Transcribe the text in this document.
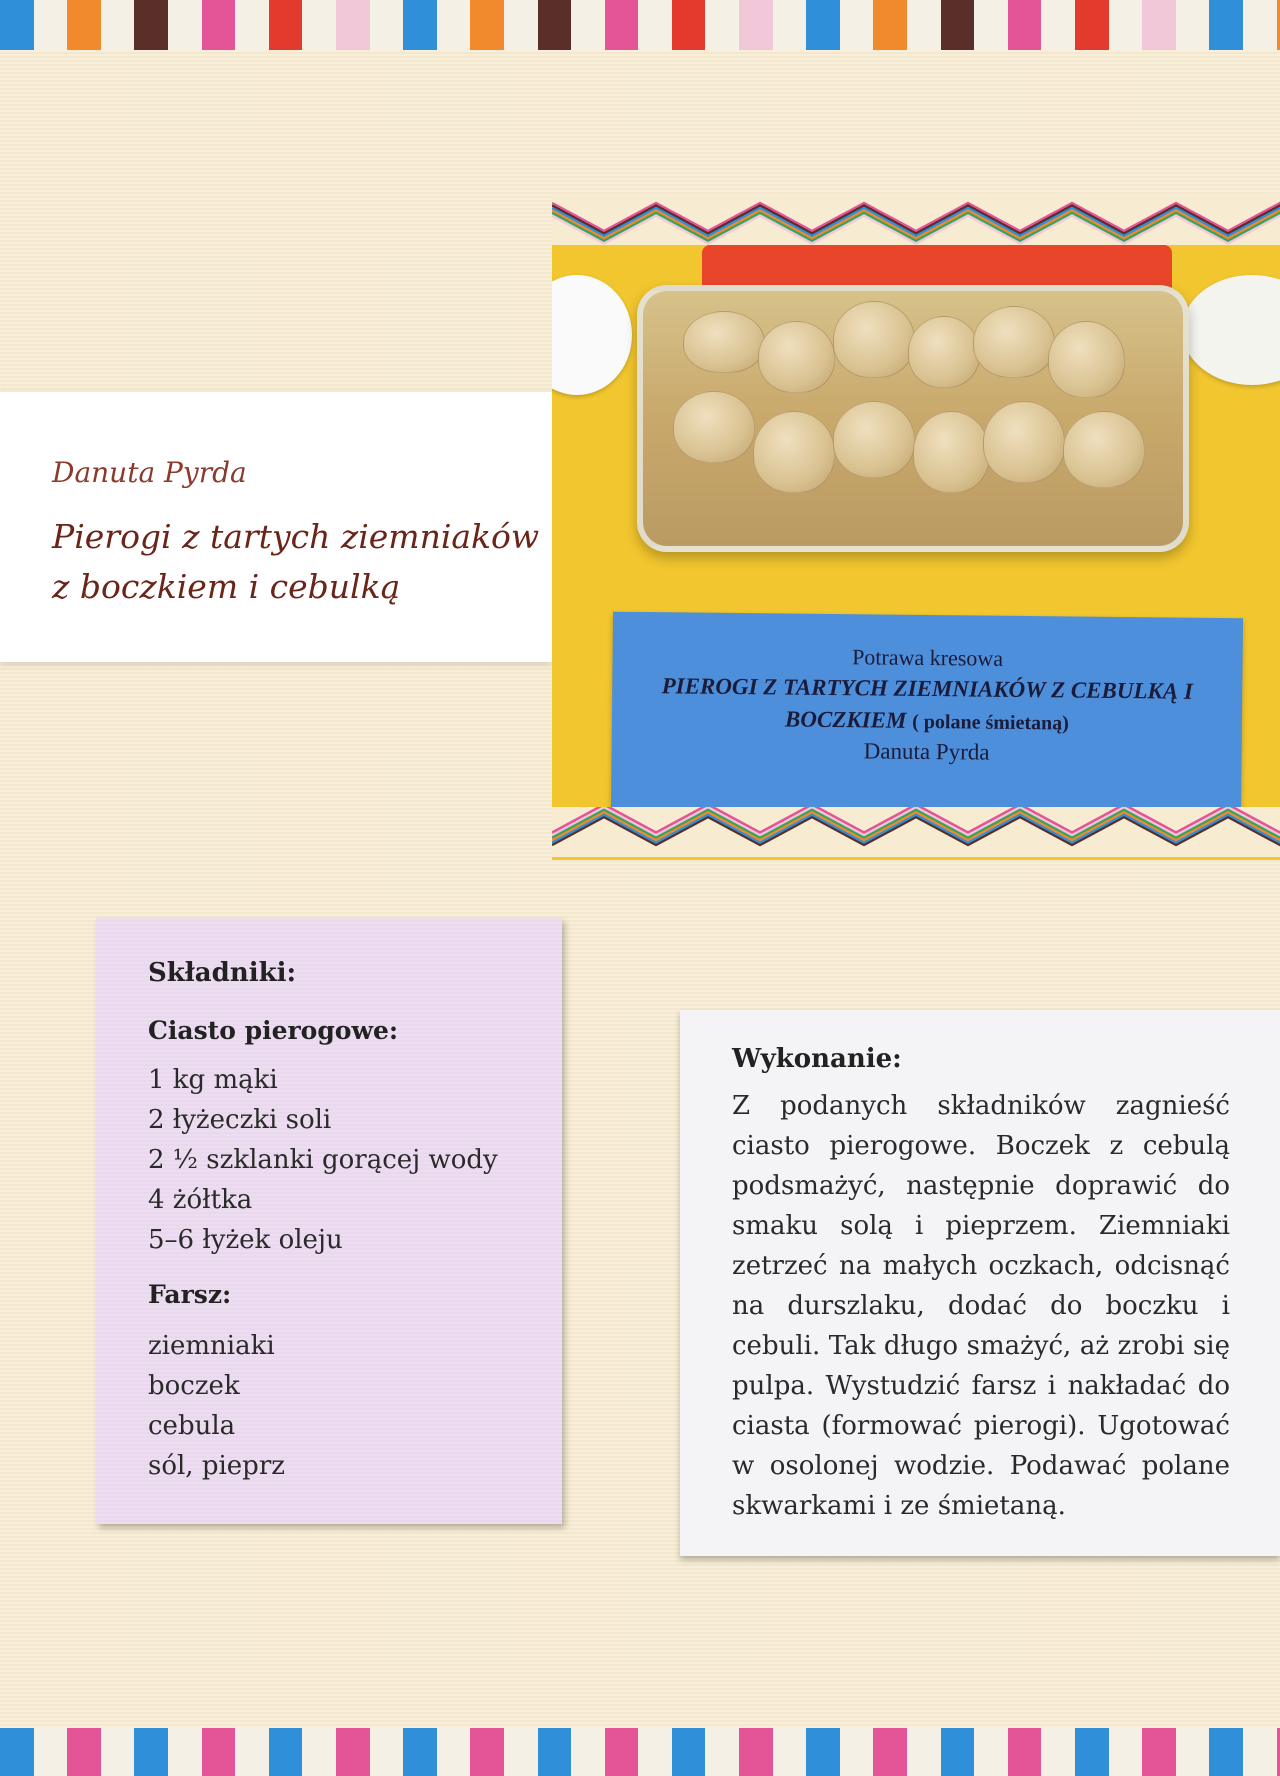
Danuta Pyrda
Pierogi z tartych ziemniaków z boczkiem i cebulką
Potrawa kresowa
PIEROGI Z TARTYCH ZIEMNIAKÓW Z CEBULKĄ I BOCZKIEM ( polane śmietaną)
Danuta Pyrda
Składniki:
Ciasto pierogowe:
1 kg mąki
2 łyżeczki soli
2 ½ szklanki gorącej wody
4 żółtka
5–6 łyżek oleju
Farsz:
ziemniaki
boczek
cebula
sól, pieprz
Wykonanie:

Z podanych składników zagnieść ciasto pierogowe. Boczek z cebulą podsmażyć, następnie doprawić do smaku solą i pieprzem. Ziemniaki zetrzeć na małych oczkach, odcisnąć na durszlaku, dodać do boczku i cebuli. Tak długo smażyć, aż zrobi się pulpa. Wystudzić farsz i nakładać do ciasta (formować pierogi). Ugotować w osolonej wodzie. Podawać polane skwarkami i ze śmietaną.
